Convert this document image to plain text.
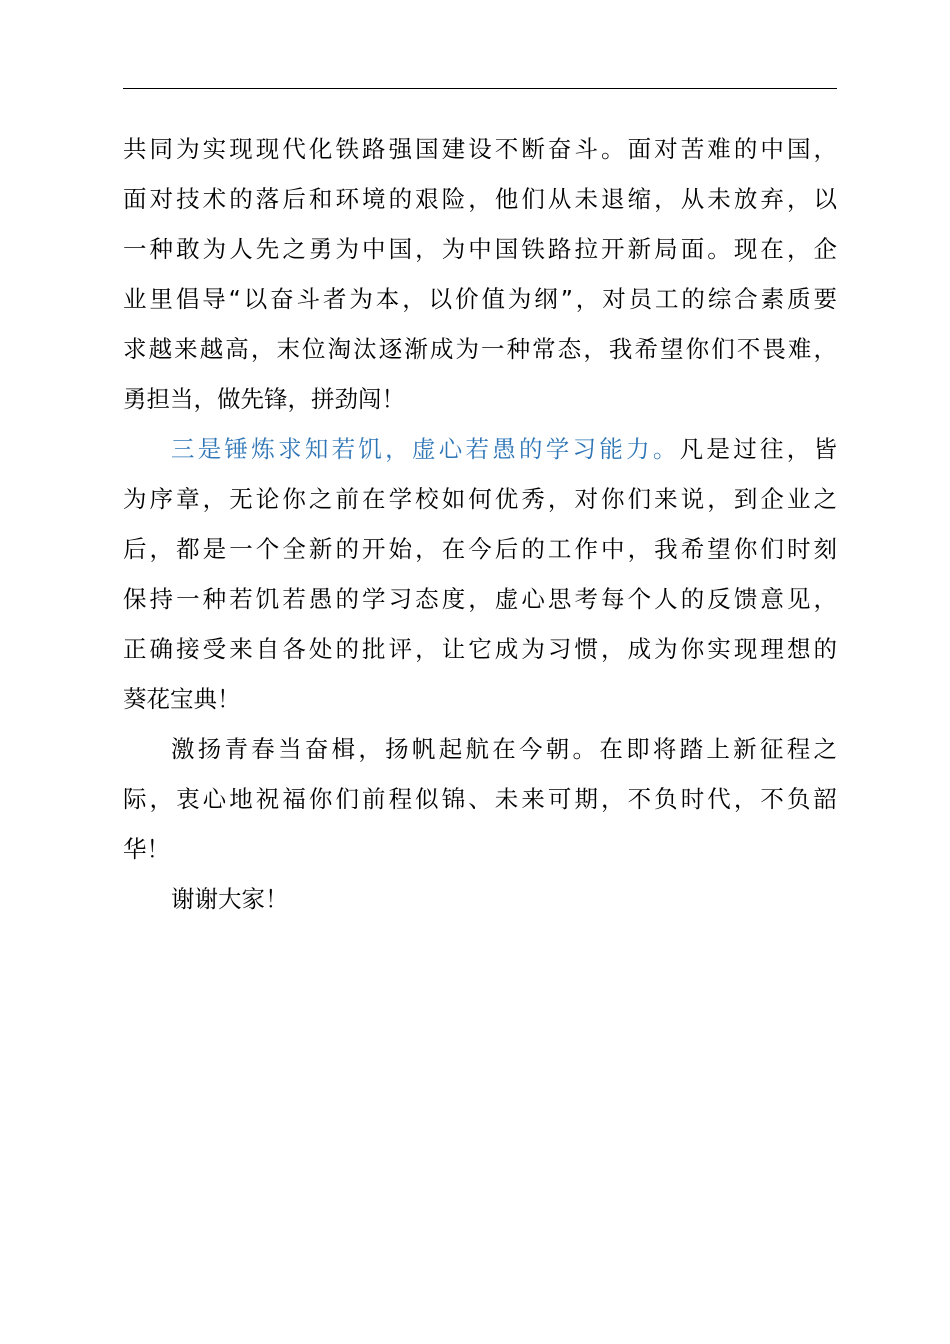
共同为实现现代化铁路强国建设不断奋斗。面对苦难的中国，
面对技术的落后和环境的艰险，他们从未退缩，从未放弃，以
一种敢为人先之勇为中国，为中国铁路拉开新局面。现在，企
业里倡导“以奋斗者为本，以价值为纲”，对员工的综合素质要
求越来越高，末位淘汰逐渐成为一种常态，我希望你们不畏难，
勇担当，做先锋，拼劲闯！
三是锤炼求知若饥，虚心若愚的学习能力。凡是过往，皆
为序章，无论你之前在学校如何优秀，对你们来说，到企业之
后，都是一个全新的开始，在今后的工作中，我希望你们时刻
保持一种若饥若愚的学习态度，虚心思考每个人的反馈意见，
正确接受来自各处的批评，让它成为习惯，成为你实现理想的
葵花宝典！
激扬青春当奋楫，扬帆起航在今朝。在即将踏上新征程之
际，衷心地祝福你们前程似锦、未来可期，不负时代，不负韶
华！
谢谢大家！
